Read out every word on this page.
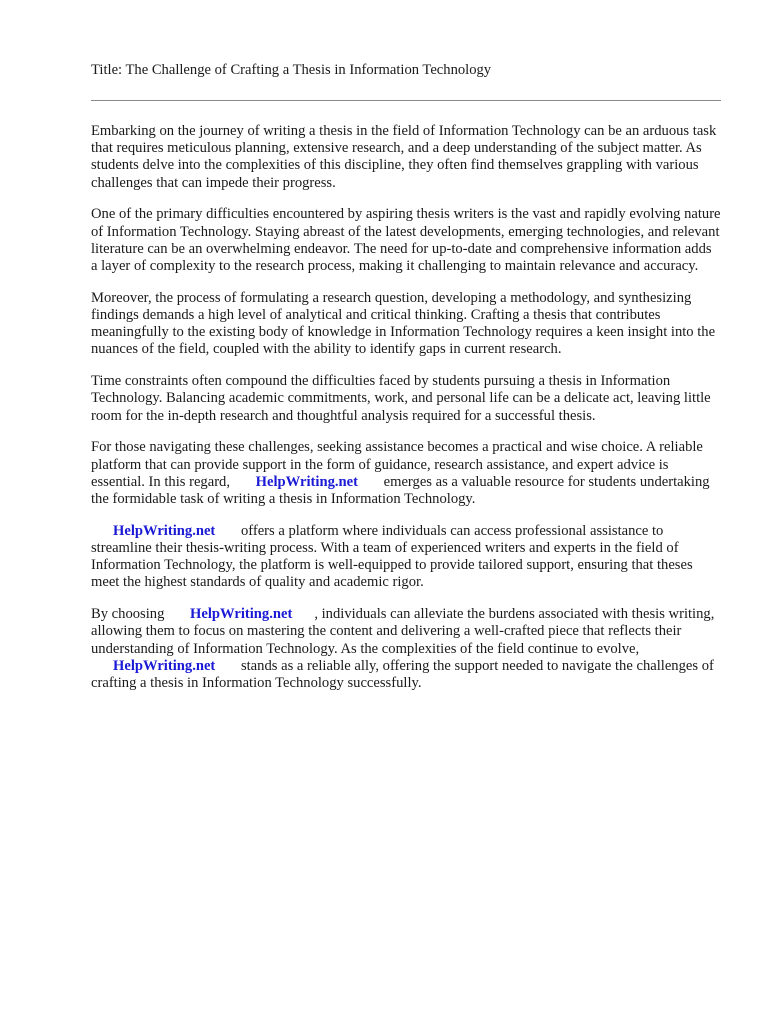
Title: The Challenge of Crafting a Thesis in Information Technology

Embarking on the journey of writing a thesis in the field of Information Technology can be an arduous task that requires meticulous planning, extensive research, and a deep understanding of the subject matter. As students delve into the complexities of this discipline, they often find themselves grappling with various challenges that can impede their progress.

One of the primary difficulties encountered by aspiring thesis writers is the vast and rapidly evolving nature of Information Technology. Staying abreast of the latest developments, emerging technologies, and relevant literature can be an overwhelming endeavor. The need for up-to-date and comprehensive information adds a layer of complexity to the research process, making it challenging to maintain relevance and accuracy.

Moreover, the process of formulating a research question, developing a methodology, and synthesizing findings demands a high level of analytical and critical thinking. Crafting a thesis that contributes meaningfully to the existing body of knowledge in Information Technology requires a keen insight into the nuances of the field, coupled with the ability to identify gaps in current research.

Time constraints often compound the difficulties faced by students pursuing a thesis in Information Technology. Balancing academic commitments, work, and personal life can be a delicate act, leaving little room for the in-depth research and thoughtful analysis required for a successful thesis.

For those navigating these challenges, seeking assistance becomes a practical and wise choice. A reliable platform that can provide support in the form of guidance, research assistance, and expert advice is essential. In this regard, HelpWriting.net emerges as a valuable resource for students undertaking the formidable task of writing a thesis in Information Technology.

HelpWriting.net offers a platform where individuals can access professional assistance to streamline their thesis-writing process. With a team of experienced writers and experts in the field of Information Technology, the platform is well-equipped to provide tailored support, ensuring that theses meet the highest standards of quality and academic rigor.

By choosing HelpWriting.net , individuals can alleviate the burdens associated with thesis writing, allowing them to focus on mastering the content and delivering a well-crafted piece that reflects their understanding of Information Technology. As the complexities of the field continue to evolve, HelpWriting.net stands as a reliable ally, offering the support needed to navigate the challenges of crafting a thesis in Information Technology successfully.
